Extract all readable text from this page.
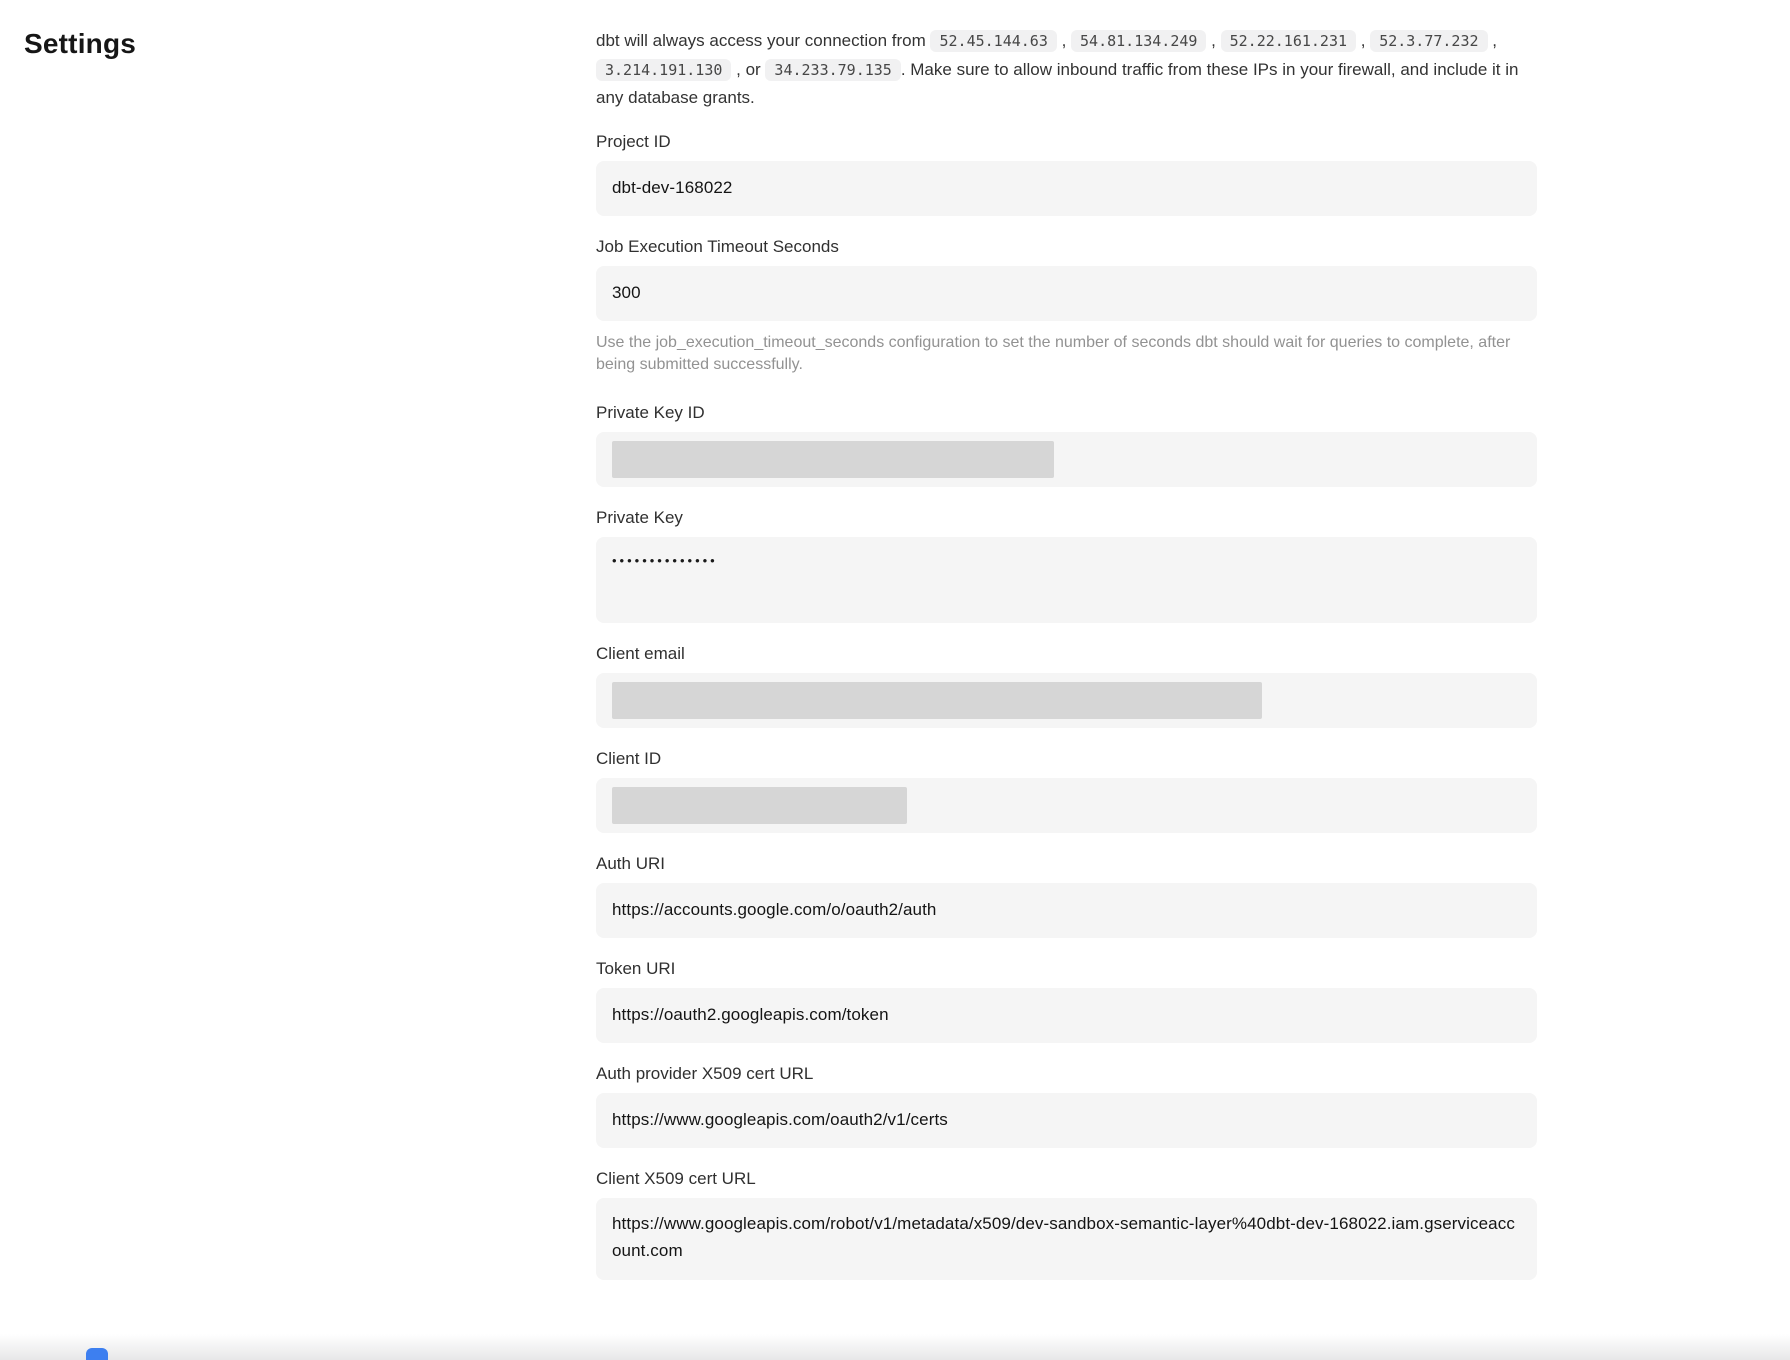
Settings	dbt will always access your connection from 52.45.144.63 , 54.81.134.249 , 52.22.161.231 , 52.3.77.232 , 3.214.191.130 , or 34.233.79.135 . Make sure to allow inbound traffic from these IPs in your firewall, and include it in any database grants.

Project ID
dbt-dev-168022
Job Execution Timeout Seconds
300
Use the job_execution_timeout_seconds configuration to set the number of seconds dbt should wait for queries to complete, after being submitted successfully.
Private Key ID
Private Key
••••••••••••••
Client email
Client ID
Auth URI
https://accounts.google.com/o/oauth2/auth
Token URI
https://oauth2.googleapis.com/token
Auth provider X509 cert URL
https://www.googleapis.com/oauth2/v1/certs
Client X509 cert URL
https://www.googleapis.com/robot/v1/metadata/x509/dev-sandbox-semantic-layer%40dbt-dev-168022.iam.gserviceaccount.com
